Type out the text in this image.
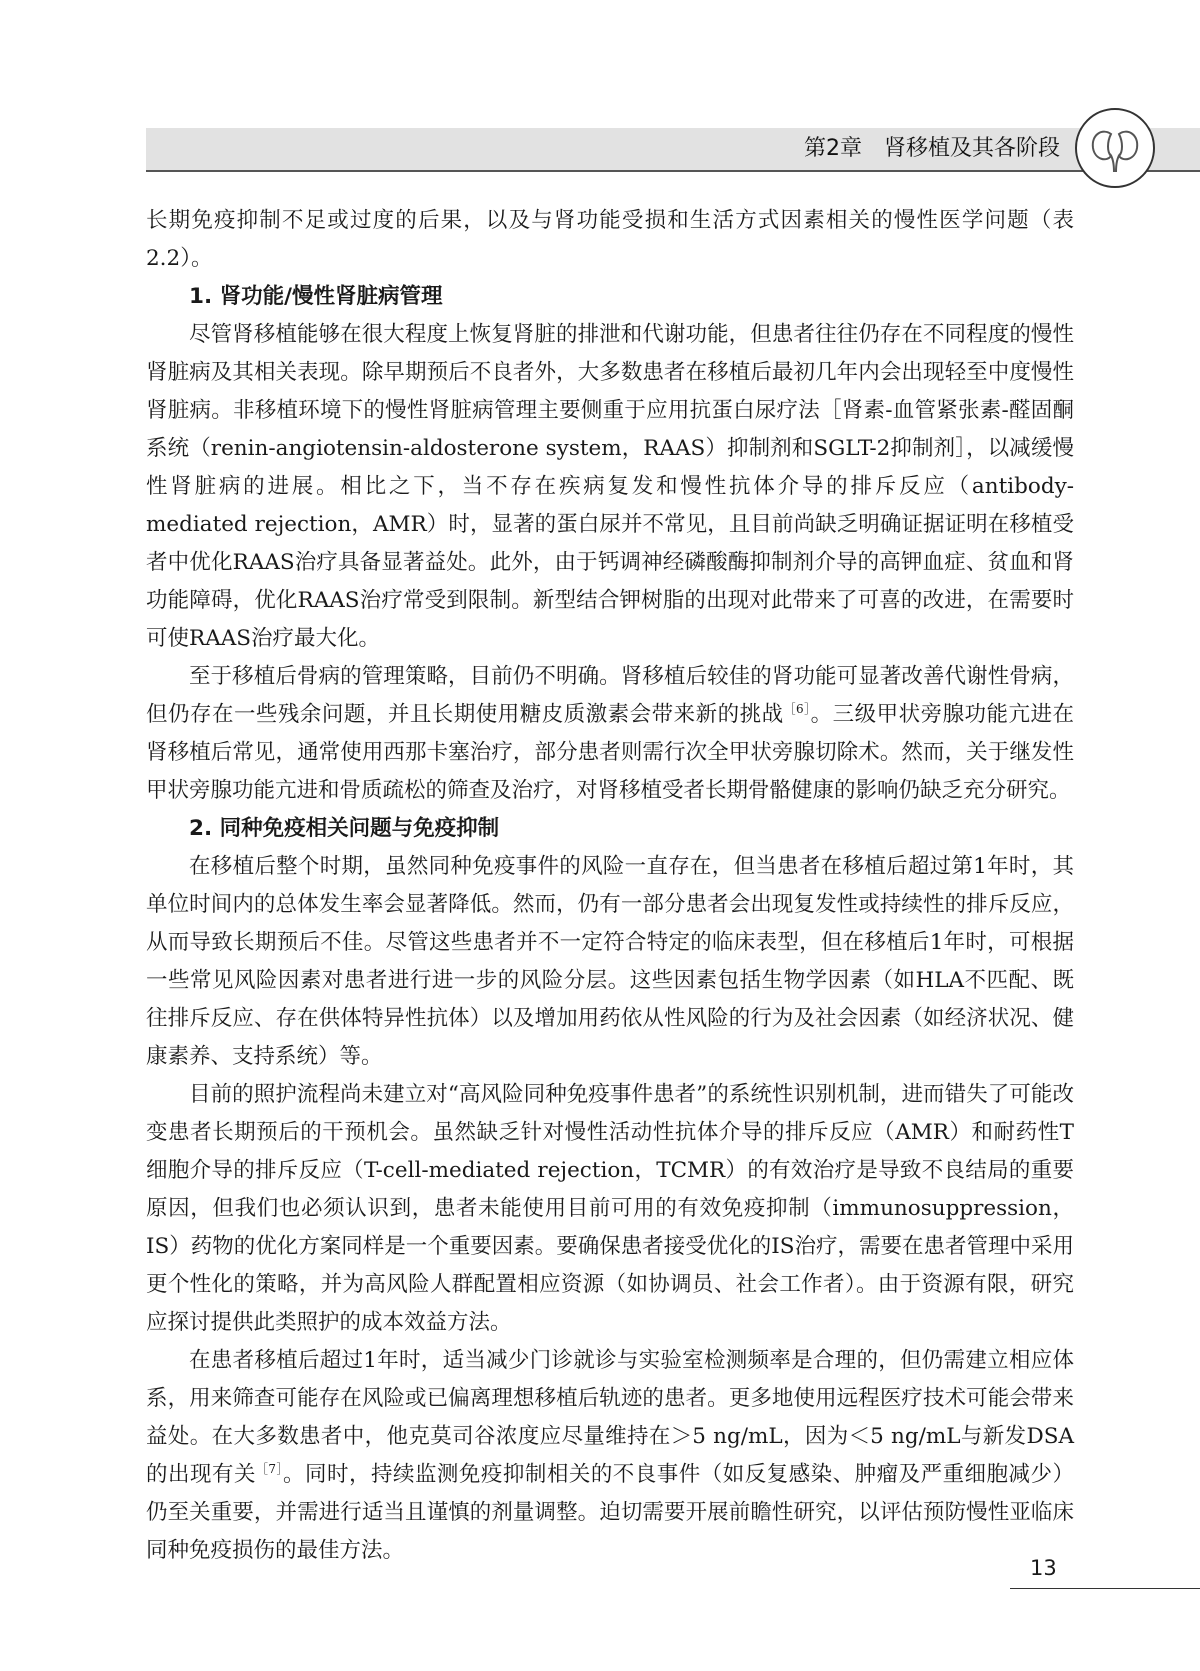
第2章　肾移植及其各阶段

长期免疫抑制不足或过度的后果，以及与肾功能受损和生活方式因素相关的慢性医学问题（表2.2）。

1. 肾功能/慢性肾脏病管理

尽管肾移植能够在很大程度上恢复肾脏的排泄和代谢功能，但患者往往仍存在不同程度的慢性肾脏病及其相关表现。除早期预后不良者外，大多数患者在移植后最初几年内会出现轻至中度慢性肾脏病。非移植环境下的慢性肾脏病管理主要侧重于应用抗蛋白尿疗法［肾素-血管紧张素-醛固酮系统（renin-angiotensin-aldosterone system，RAAS）抑制剂和SGLT-2抑制剂］，以减缓慢性肾脏病的进展。相比之下，当不存在疾病复发和慢性抗体介导的排斥反应（antibody-mediated rejection，AMR）时，显著的蛋白尿并不常见，且目前尚缺乏明确证据证明在移植受者中优化RAAS治疗具备显著益处。此外，由于钙调神经磷酸酶抑制剂介导的高钾血症、贫血和肾功能障碍，优化RAAS治疗常受到限制。新型结合钾树脂的出现对此带来了可喜的改进，在需要时可使RAAS治疗最大化。

至于移植后骨病的管理策略，目前仍不明确。肾移植后较佳的肾功能可显著改善代谢性骨病，但仍存在一些残余问题，并且长期使用糖皮质激素会带来新的挑战$^{[6]}$。三级甲状旁腺功能亢进在肾移植后常见，通常使用西那卡塞治疗，部分患者则需行次全甲状旁腺切除术。然而，关于继发性甲状旁腺功能亢进和骨质疏松的筛查及治疗，对肾移植受者长期骨骼健康的影响仍缺乏充分研究。

2. 同种免疫相关问题与免疫抑制

在移植后整个时期，虽然同种免疫事件的风险一直存在，但当患者在移植后超过第1年时，其单位时间内的总体发生率会显著降低。然而，仍有一部分患者会出现复发性或持续性的排斥反应，从而导致长期预后不佳。尽管这些患者并不一定符合特定的临床表型，但在移植后1年时，可根据一些常见风险因素对患者进行进一步的风险分层。这些因素包括生物学因素（如HLA不匹配、既往排斥反应、存在供体特异性抗体）以及增加用药依从性风险的行为及社会因素（如经济状况、健康素养、支持系统）等。

目前的照护流程尚未建立对“高风险同种免疫事件患者”的系统性识别机制，进而错失了可能改变患者长期预后的干预机会。虽然缺乏针对慢性活动性抗体介导的排斥反应（AMR）和耐药性T细胞介导的排斥反应（T-cell-mediated rejection，TCMR）的有效治疗是导致不良结局的重要原因，但我们也必须认识到，患者未能使用目前可用的有效免疫抑制（immunosuppression，IS）药物的优化方案同样是一个重要因素。要确保患者接受优化的IS治疗，需要在患者管理中采用更个性化的策略，并为高风险人群配置相应资源（如协调员、社会工作者）。由于资源有限，研究应探讨提供此类照护的成本效益方法。

在患者移植后超过1年时，适当减少门诊就诊与实验室检测频率是合理的，但仍需建立相应体系，用来筛查可能存在风险或已偏离理想移植后轨迹的患者。更多地使用远程医疗技术可能会带来益处。在大多数患者中，他克莫司谷浓度应尽量维持在＞5 ng/mL，因为＜5 ng/mL与新发DSA的出现有关$^{[7]}$。同时，持续监测免疫抑制相关的不良事件（如反复感染、肿瘤及严重细胞减少）仍至关重要，并需进行适当且谨慎的剂量调整。迫切需要开展前瞻性研究，以评估预防慢性亚临床同种免疫损伤的最佳方法。

13
